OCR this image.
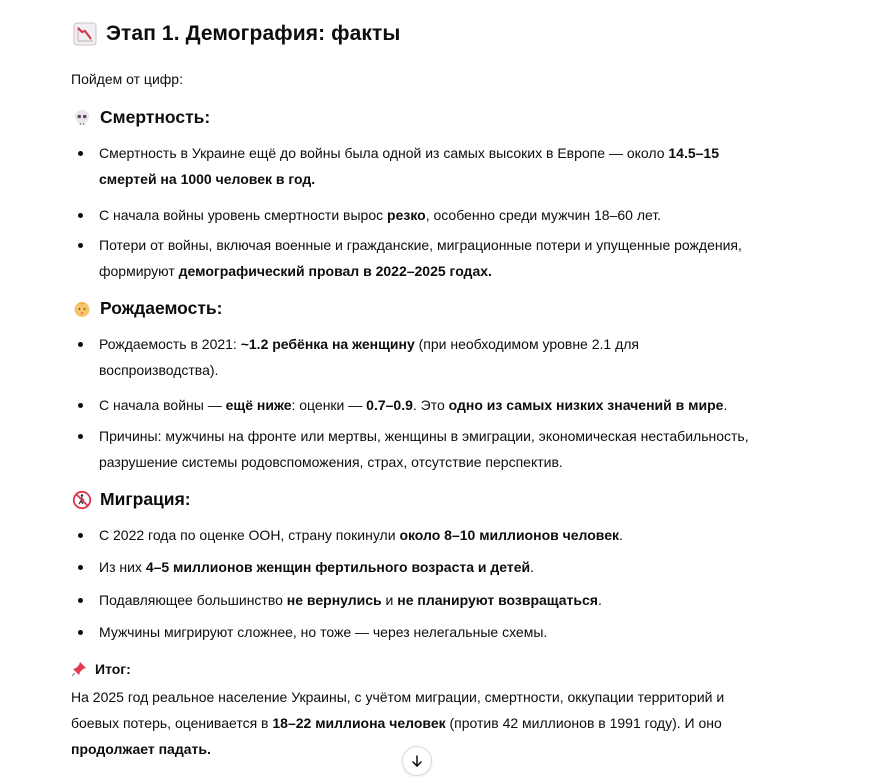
Этап 1. Демография: факты
Пойдем от цифр:
Смертность:
Рождаемость:
Миграция:
Смертность в Украине ещё до войны была одной из самых высоких в Европе — около 14.5–15 смертей на 1000 человек в год.
С начала войны уровень смертности вырос резко, особенно среди мужчин 18–60 лет.
Потери от войны, включая военные и гражданские, миграционные потери и упущенные рождения, формируют демографический провал в 2022–2025 годах.
Рождаемость в 2021: ~1.2 ребёнка на женщину (при необходимом уровне 2.1 для воспроизводства).
С начала войны — ещё ниже: оценки — 0.7–0.9. Это одно из самых низких значений в мире.
Причины: мужчины на фронте или мертвы, женщины в эмиграции, экономическая нестабильность, разрушение системы родовспоможения, страх, отсутствие перспектив.
С 2022 года по оценке ООН, страну покинули около 8–10 миллионов человек.
Из них 4–5 миллионов женщин фертильного возраста и детей.
Подавляющее большинство не вернулись и не планируют возвращаться.
Мужчины мигрируют сложнее, но тоже — через нелегальные схемы.
Итог:
На 2025 год реальное население Украины, с учётом миграции, смертности, оккупации территорий и боевых потерь, оценивается в 18–22 миллиона человек (против 42 миллионов в 1991 году). И оно продолжает падать.
